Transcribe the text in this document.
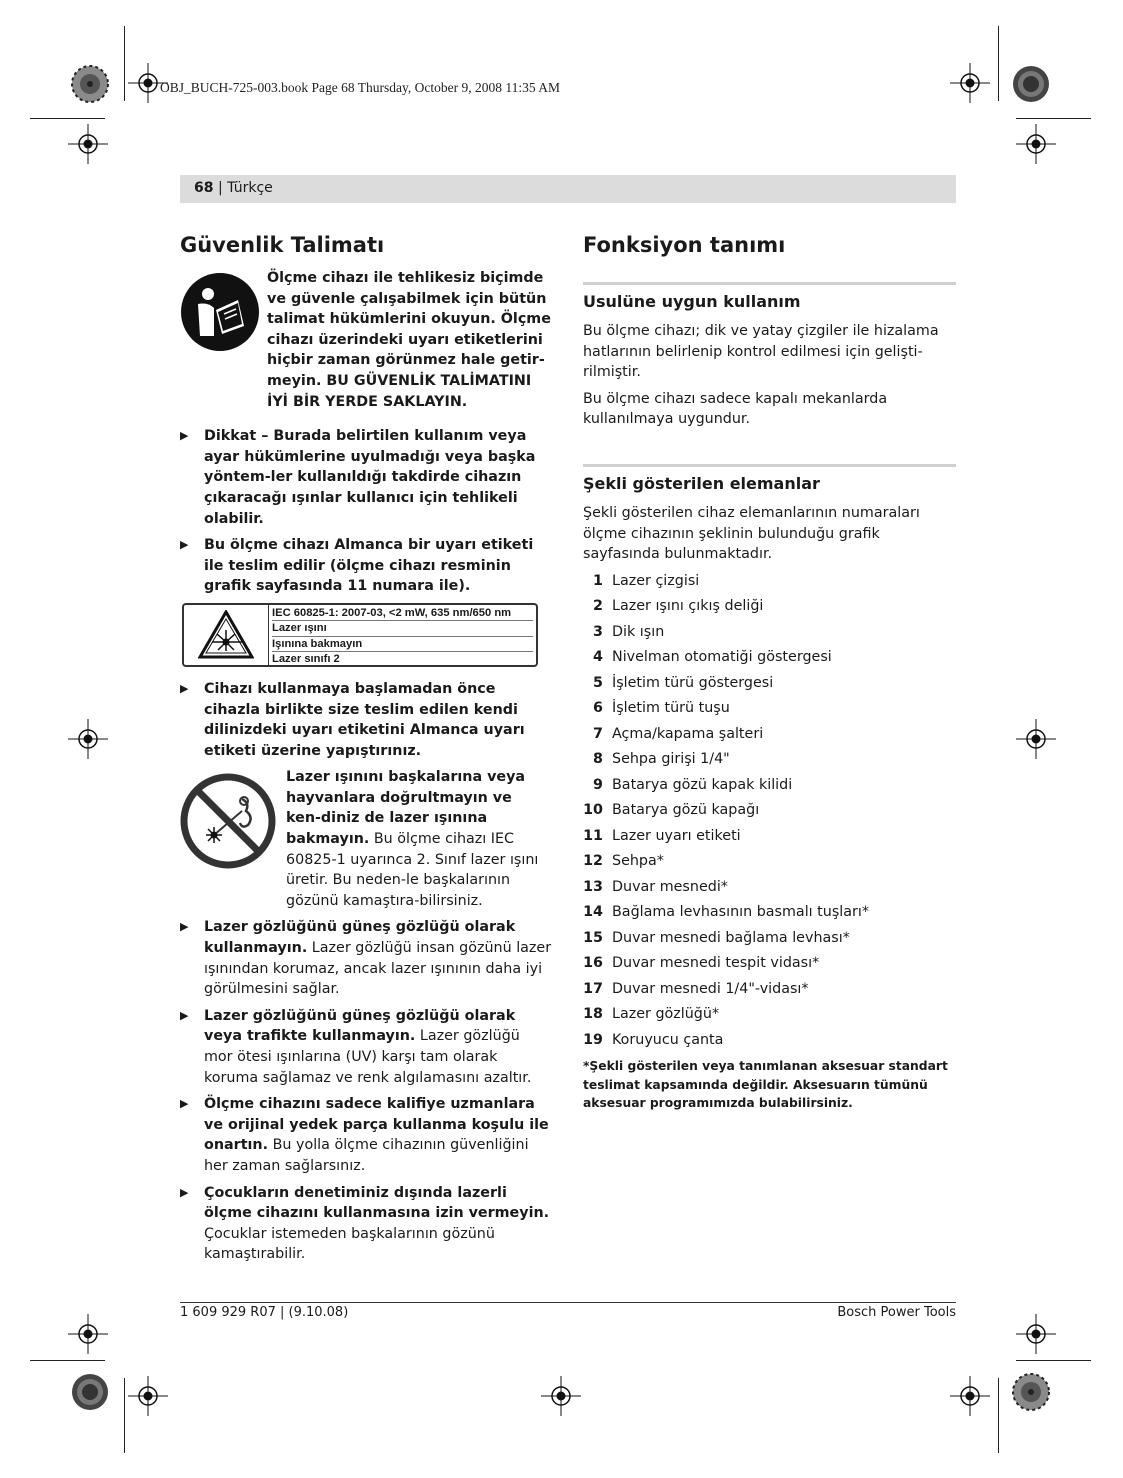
OBJ_BUCH-725-003.book Page 68 Thursday, October 9, 2008 11:35 AM
68 | Türkçe
Güvenlik Talimatı

Ölçme cihazı ile tehlikesiz biçimde ve güvenle çalışabilmek için bütün talimat hükümlerini okuyun. Ölçme cihazı üzerindeki uyarı etiketlerini hiçbir zaman görünmez hale getir-meyin. BU GÜVENLİK TALİMATINI İYİ BİR YERDE SAKLAYIN.

▶	Dikkat – Burada belirtilen kullanım veya ayar hükümlerine uyulmadığı veya başka yöntem-ler kullanıldığı takdirde cihazın çıkaracağı ışınlar kullanıcı için tehlikeli olabilir.
▶	Bu ölçme cihazı Almanca bir uyarı etiketi ile teslim edilir (ölçme cihazı resminin grafik sayfasında 11 numara ile).
IEC 60825-1: 2007-03, <2 mW, 635 nm/650 nm
Lazer ışını
Işınına bakmayın
Lazer sınıfı 2
▶	Cihazı kullanmaya başlamadan önce cihazla birlikte size teslim edilen kendi dilinizdeki uyarı etiketini Almanca uyarı etiketi üzerine yapıştırınız.

Lazer ışınını başkalarına veya hayvanlara doğrultmayın ve ken-diniz de lazer ışınına bakmayın. Bu ölçme cihazı IEC 60825-1 uyarınca 2. Sınıf lazer ışını üretir. Bu neden-le başkalarının gözünü kamaştıra-bilirsiniz.

▶	Lazer gözlüğünü güneş gözlüğü olarak kullanmayın. Lazer gözlüğü insan gözünü lazer ışınından korumaz, ancak lazer ışınının daha iyi görülmesini sağlar.
▶	Lazer gözlüğünü güneş gözlüğü olarak veya trafikte kullanmayın. Lazer gözlüğü mor ötesi ışınlarına (UV) karşı tam olarak koruma sağlamaz ve renk algılamasını azaltır.
▶	Ölçme cihazını sadece kalifiye uzmanlara ve orijinal yedek parça kullanma koşulu ile onartın. Bu yolla ölçme cihazının güvenliğini her zaman sağlarsınız.
▶	Çocukların denetiminiz dışında lazerli ölçme cihazını kullanmasına izin vermeyin. Çocuklar istemeden başkalarının gözünü kamaştırabilir.
Fonksiyon tanımı
Usulüne uygun kullanım

Bu ölçme cihazı; dik ve yatay çizgiler ile hizalama hatlarının belirlenip kontrol edilmesi için gelişti-rilmiştir.

Bu ölçme cihazı sadece kapalı mekanlarda kullanılmaya uygundur.

Şekli gösterilen elemanlar

Şekli gösterilen cihaz elemanlarının numaraları ölçme cihazının şeklinin bulunduğu grafik sayfasında bulunmaktadır.

1 Lazer çizgisi
2 Lazer ışını çıkış deliği
3 Dik ışın
4 Nivelman otomatiği göstergesi
5 İşletim türü göstergesi
6 İşletim türü tuşu
7 Açma/kapama şalteri
8 Sehpa girişi 1/4"
9 Batarya gözü kapak kilidi
10 Batarya gözü kapağı
11 Lazer uyarı etiketi
12 Sehpa*
13 Duvar mesnedi*
14 Bağlama levhasının basmalı tuşları*
15 Duvar mesnedi bağlama levhası*
16 Duvar mesnedi tespit vidası*
17 Duvar mesnedi 1/4"-vidası*
18 Lazer gözlüğü*
19 Koruyucu çanta

*Şekli gösterilen veya tanımlanan aksesuar standart teslimat kapsamında değildir. Aksesuarın tümünü aksesuar programımızda bulabilirsiniz.

1 609 929 R07 | (9.10.08)	Bosch Power Tools
